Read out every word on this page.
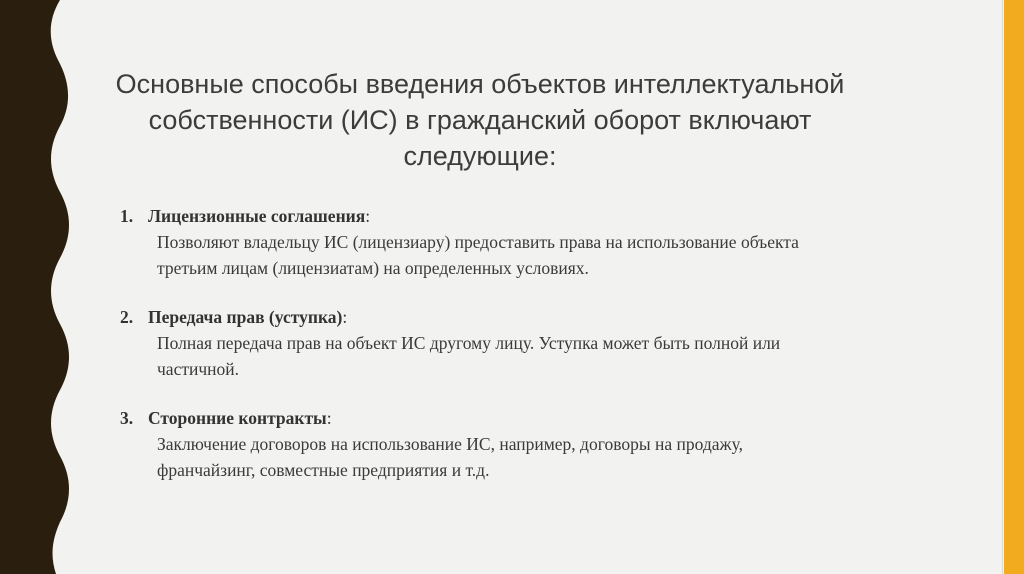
Основные способы введения объектов интеллектуальной
собственности (ИС) в гражданский оборот включают следующие:
1. Лицензионные соглашения:
Позволяют владельцу ИС (лицензиару) предоставить права на использование объекта
третьим лицам (лицензиатам) на определенных условиях.
2. Передача прав (уступка):
Полная передача прав на объект ИС другому лицу. Уступка может быть полной или
частичной.
3. Сторонние контракты:
Заключение договоров на использование ИС, например, договоры на продажу,
франчайзинг, совместные предприятия и т.д.
